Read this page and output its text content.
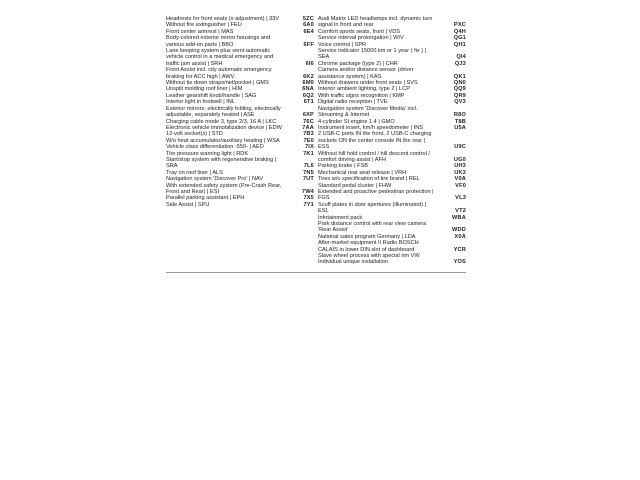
Headrests for front seats (x-adjustment) | 33V	5ZC
Without fire extinguisher | FEU	6A0
Front center armrest | MAS	6E4
Body-colored exterior mirror housings and various add-on parts | BBO	6FF
Lane keeping system plus semi-automatic vehicle control in a medical emergency and traffic jam assist | SRH	6I6
Front Assist incl. city automatic emergency braking for ACC high | AWV	6K2
Without tie down straps/net/pocket | GMS	6M0
Unsplit molding roof liner | HIM	6NA
Leather gearshift knob/handle | SAG	6Q2
Interior light in footwell | INL	6T1
Exterior mirrors: electrically folding, electrically adjustable, separately heated | ASE	6XP
Charging cable mode 3, type 2/3, 16 A | LKC	76C
Electronic vehicle immobilization device | EDW	7AA
12-volt socket(s) | STD	7B3
W/o heat accumulator/auxiliary heating | WSA	7E0
Vehicle class differentiation -550- | AED	7IX
Tire pressure warning light | RDK	7K1
Start/stop system with regenerative braking | SRA	7L6
Tray on roof liner | ALS	7N5
Navigation system 'Discover Pro' | NAV	7UT
With extended safety system (Pre-Crash Rear, Front and Rear) | ESI	7W4
Parallel parking assistant | EPH	7X5
Side Assist | SPU	7Y1
Audi Matrix LED headlamps incl. dynamic turn signal in front and rear	PXC
Comfort sports seats, front | VDS	Q4H
Service interval prolongation | WIV	QG1
Voice control | SPR	QH1
Service indicator 15000 km or 1 year ( fix ) | SEA	QI4
Chrome package (type 2) | CHR	QJ3
Camera and/or distance sensor (driver assistance system) | KAS	QK1
Without drawers under front seats | SVS	QN0
Interior ambient lighting, type 2 | LCP	QQ9
With traffic signs recognition | KMP	QR9
Digital radio reception | TVE	QV3
Navigation system 'Discover Media' incl. Streaming & Internet	R8O
4-cylinder SI engine 1.4 | GMO	T8B
Instrument insert, km/h speedometer | INS	U5A
2 USB-C ports IN the front, 2 USB-C charging sockets ON the center console IN the rear | ESS	U9C
Without hill hold control / hill descent control / comfort driving assist | AFH	UG0
Parking brake | FSB	UH3
Mechanical rear seat release | VRH	UK3
Tires w/o specification of tire brand | REL	V0A
Standard pedal cluster | FHW	VF0
Extended and proactive pedestrian protection | FGS	VL3
Scuff plates in door apertures (illuminated) | ESL	VT2
Infotainment pack	WBA
Park distance control with rear view camera 'Rear Assist'	WDD
National sales program Germany | LDA	X0A
After-market equipment II Radio BOSCH CALAIS in lower DIN slot of dashboard	YCR
Slave wheel process with special rim VW Individual unique installation	YOS
